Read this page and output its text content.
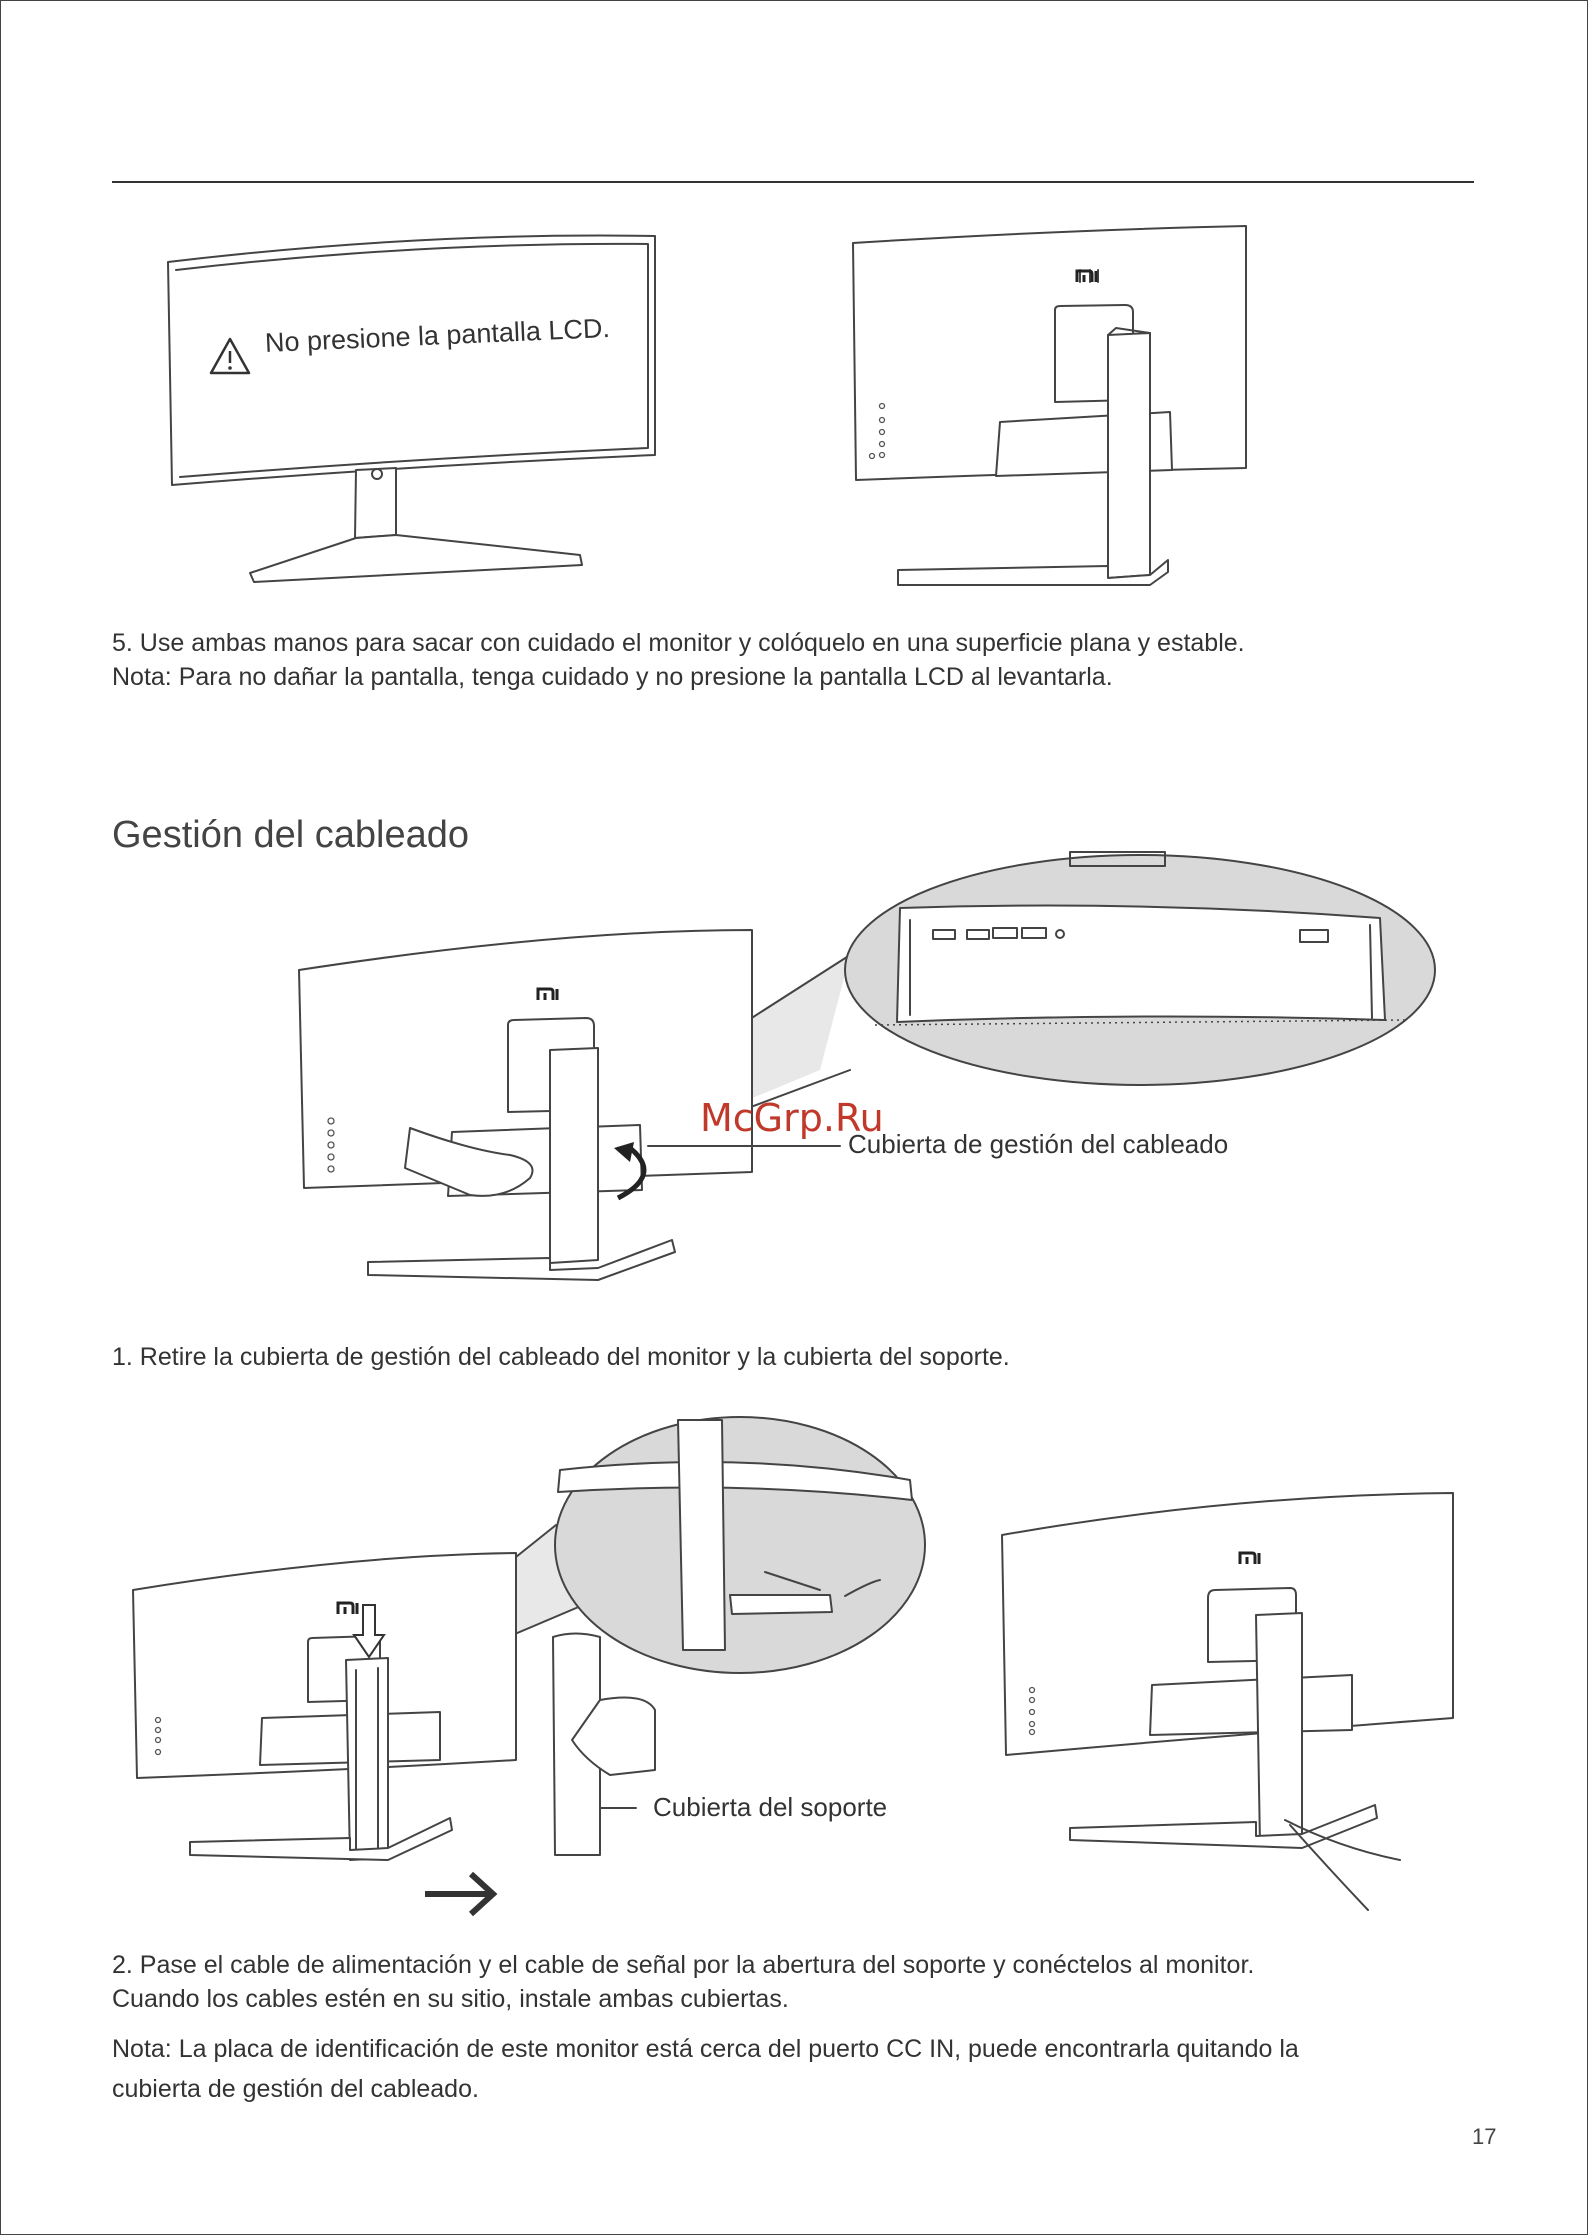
No presione la pantalla LCD.
5. Use ambas manos para sacar con cuidado el monitor y colóquelo en una superficie plana y estable.
Nota: Para no dañar la pantalla, tenga cuidado y no presione la pantalla LCD al levantarla.
Gestión del cableado
McGrp.Ru
Cubierta de gestión del cableado
1. Retire la cubierta de gestión del cableado del monitor y la cubierta del soporte.
Cubierta del soporte
2. Pase el cable de alimentación y el cable de señal por la abertura del soporte y conéctelos al monitor.
Cuando los cables estén en su sitio, instale ambas cubiertas.
Nota: La placa de identificación de este monitor está cerca del puerto CC IN, puede encontrarla quitando la
cubierta de gestión del cableado.
17
